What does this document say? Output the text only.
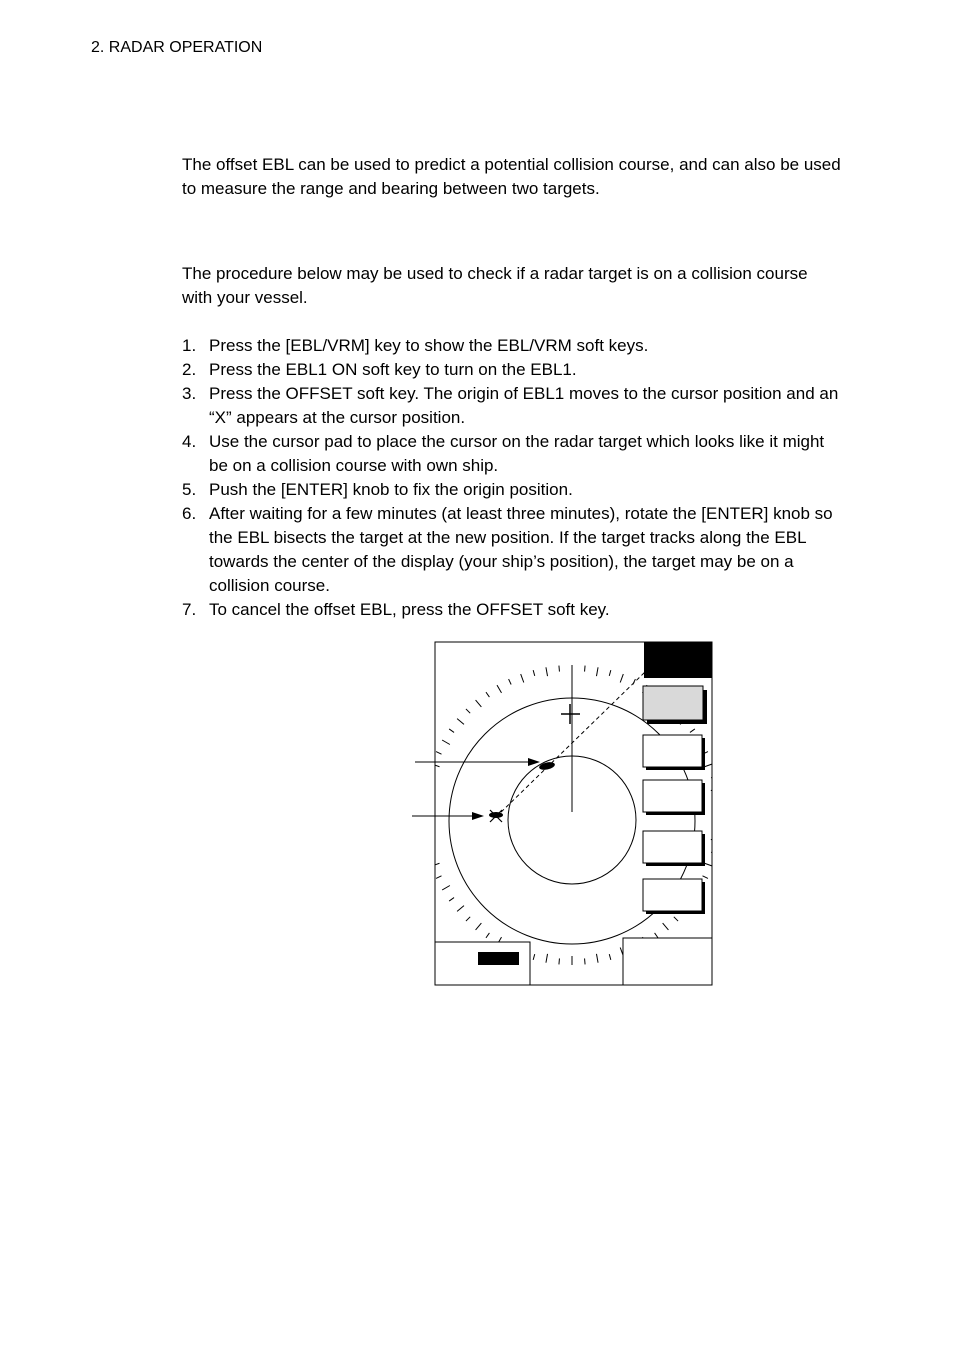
2. RADAR OPERATION

The offset EBL can be used to predict a potential collision course, and can also be used to measure the range and bearing between two targets.

The procedure below may be used to check if a radar target is on a collision course with your vessel.

1. Press the [EBL/VRM] key to show the EBL/VRM soft keys.
2. Press the EBL1 ON soft key to turn on the EBL1.
3. Press the OFFSET soft key. The origin of EBL1 moves to the cursor position and an “X” appears at the cursor position.
4. Use the cursor pad to place the cursor on the radar target which looks like it might be on a collision course with own ship.
5. Push the [ENTER] knob to fix the origin position.
6. After waiting for a few minutes (at least three minutes), rotate the [ENTER] knob so the EBL bisects the target at the new position. If the target tracks along the EBL towards the center of the display (your ship’s position), the target may be on a collision course.
7. To cancel the offset EBL, press the OFFSET soft key.
